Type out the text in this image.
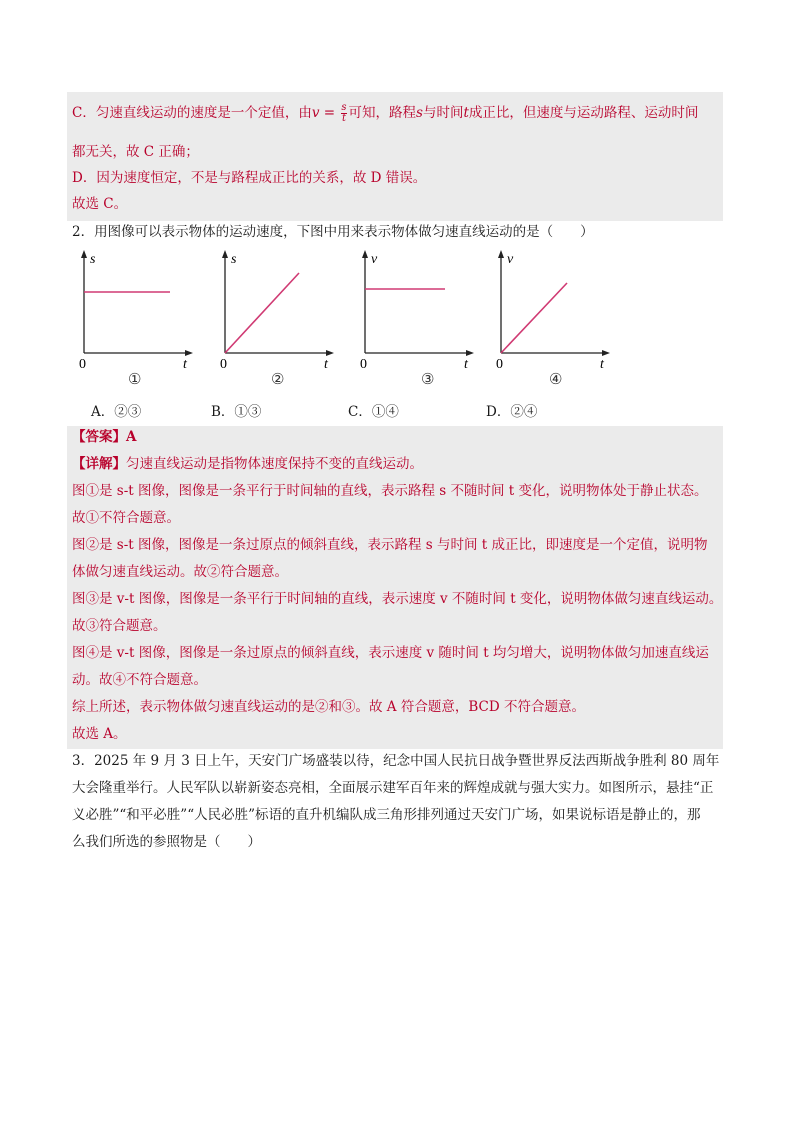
C．匀速直线运动的速度是一个定值，由$v = \frac{s}{t}$ 可知，路程s与时间t成正比，但速度与运动路程、运动时间
都无关，故 C 正确；
D．因为速度恒定，不是与路程成正比的关系，故 D 错误。
故选 C。
2．用图像可以表示物体的运动速度，下图中用来表示物体做匀速直线运动的是（　　）
s
t
0
①
s
t
0
②
v
t
0
③
v
t
0
④
A．②③	B．①③	C．①④	D．②④
【答案】A
【详解】匀速直线运动是指物体速度保持不变的直线运动。
图①是 s-t 图像，图像是一条平行于时间轴的直线，表示路程 s 不随时间 t 变化，说明物体处于静止状态。
故①不符合题意。
图②是 s-t 图像，图像是一条过原点的倾斜直线，表示路程 s 与时间 t 成正比，即速度是一个定值，说明物
体做匀速直线运动。故②符合题意。
图③是 v-t 图像，图像是一条平行于时间轴的直线，表示速度 v 不随时间 t 变化，说明物体做匀速直线运动。
故③符合题意。
图④是 v-t 图像，图像是一条过原点的倾斜直线，表示速度 v 随时间 t 均匀增大，说明物体做匀加速直线运
动。故④不符合题意。
综上所述，表示物体做匀速直线运动的是②和③。故 A 符合题意，BCD 不符合题意。
故选 A。
3．2025 年 9 月 3 日上午，天安门广场盛装以待，纪念中国人民抗日战争暨世界反法西斯战争胜利 80 周年
大会隆重举行。人民军队以崭新姿态亮相，全面展示建军百年来的辉煌成就与强大实力。如图所示，悬挂“正
义必胜”“和平必胜”“人民必胜”标语的直升机编队成三角形排列通过天安门广场，如果说标语是静止的，那
么我们所选的参照物是（　　）
